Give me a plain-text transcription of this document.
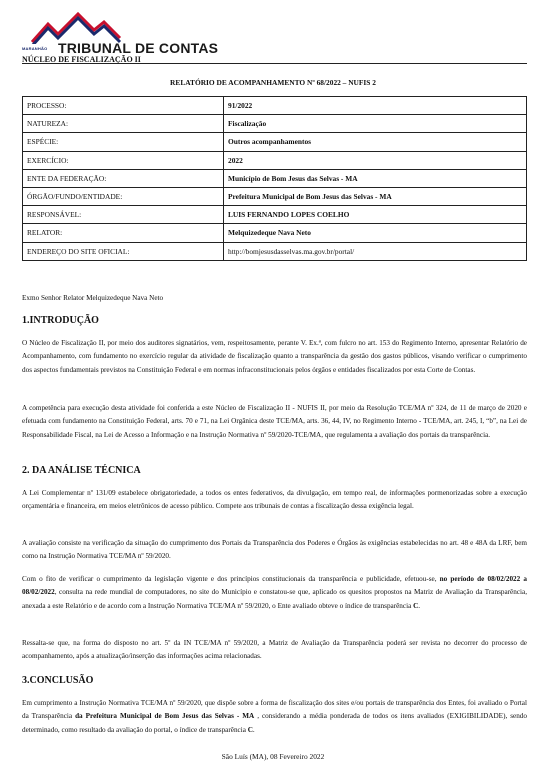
MARANHÃO TRIBUNAL DE CONTAS
NÚCLEO DE FISCALIZAÇÃO II
RELATÓRIO DE ACOMPANHAMENTO Nº 68/2022 – NUFIS 2
PROCESSO:	91/2022
NATUREZA:	Fiscalização
ESPÉCIE:	Outros acompanhamentos
EXERCÍCIO:	2022
ENTE DA FEDERAÇÃO:	Município de Bom Jesus das Selvas - MA
ÓRGÃO/FUNDO/ENTIDADE:	Prefeitura Municipal de Bom Jesus das Selvas - MA
RESPONSÁVEL:	LUIS FERNANDO LOPES COELHO
RELATOR:	Melquizedeque Nava Neto
ENDEREÇO DO SITE OFICIAL:	http://bomjesusdasselvas.ma.gov.br/portal/
Exmo Senhor Relator Melquizedeque Nava Neto
1.INTRODUÇÃO
O Núcleo de Fiscalização II, por meio dos auditores signatários, vem, respeitosamente, perante V. Ex.ª, com fulcro no art. 153 do Regimento Interno, apresentar Relatório de Acompanhamento, com fundamento no exercício regular da atividade de fiscalização quanto a transparência da gestão dos gastos públicos, visando verificar o cumprimento dos aspectos fundamentais previstos na Constituição Federal e em normas infraconstitucionais pelos órgãos e entidades fiscalizados por esta Corte de Contas.
A competência para execução desta atividade foi conferida a este Núcleo de Fiscalização II - NUFIS II, por meio da Resolução TCE/MA nº 324, de 11 de março de 2020 e efetuada com fundamento na Constituição Federal, arts. 70 e 71, na Lei Orgânica deste TCE/MA, arts. 36, 44, IV, no Regimento Interno - TCE/MA, art. 245, I, “b”, na Lei de Responsabilidade Fiscal, na Lei de Acesso a Informação e na Instrução Normativa nº 59/2020-TCE/MA, que regulamenta a avaliação dos portais da transparência.
2. DA ANÁLISE TÉCNICA
A Lei Complementar nº 131/09 estabelece obrigatoriedade, a todos os entes federativos, da divulgação, em tempo real, de informações pormenorizadas sobre a execução orçamentária e financeira, em meios eletrônicos de acesso público. Compete aos tribunais de contas a fiscalização dessa exigência legal.
A avaliação consiste na verificação da situação do cumprimento dos Portais da Transparência dos Poderes e Órgãos às exigências estabelecidas no art. 48 e 48A da LRF, bem como na Instrução Normativa TCE/MA nº 59/2020.
Com o fito de verificar o cumprimento da legislação vigente e dos princípios constitucionais da transparência e publicidade, efetuou-se, no período de 08/02/2022 a 08/02/2022, consulta na rede mundial de computadores, no site do Município e constatou-se que, aplicado os quesitos propostos na Matriz de Avaliação da Transparência, anexada a este Relatório e de acordo com a Instrução Normativa TCE/MA nº 59/2020, o Ente avaliado obteve o índice de transparência C.
Ressalta-se que, na forma do disposto no art. 5º da IN TCE/MA nº 59/2020, a Matriz de Avaliação da Transparência poderá ser revista no decorrer do processo de acompanhamento, após a atualização/inserção das informações acima relacionadas.
3.CONCLUSÃO
Em cumprimento a Instrução Normativa TCE/MA nº 59/2020, que dispõe sobre a forma de fiscalização dos sites e/ou portais de transparência dos Entes, foi avaliado o Portal da Transparência da Prefeitura Municipal de Bom Jesus das Selvas - MA , considerando a média ponderada de todos os itens avaliados (EXIGIBILIDADE), sendo determinado, como resultado da avaliação do portal, o índice de transparência C.
São Luís (MA), 08 Fevereiro 2022
